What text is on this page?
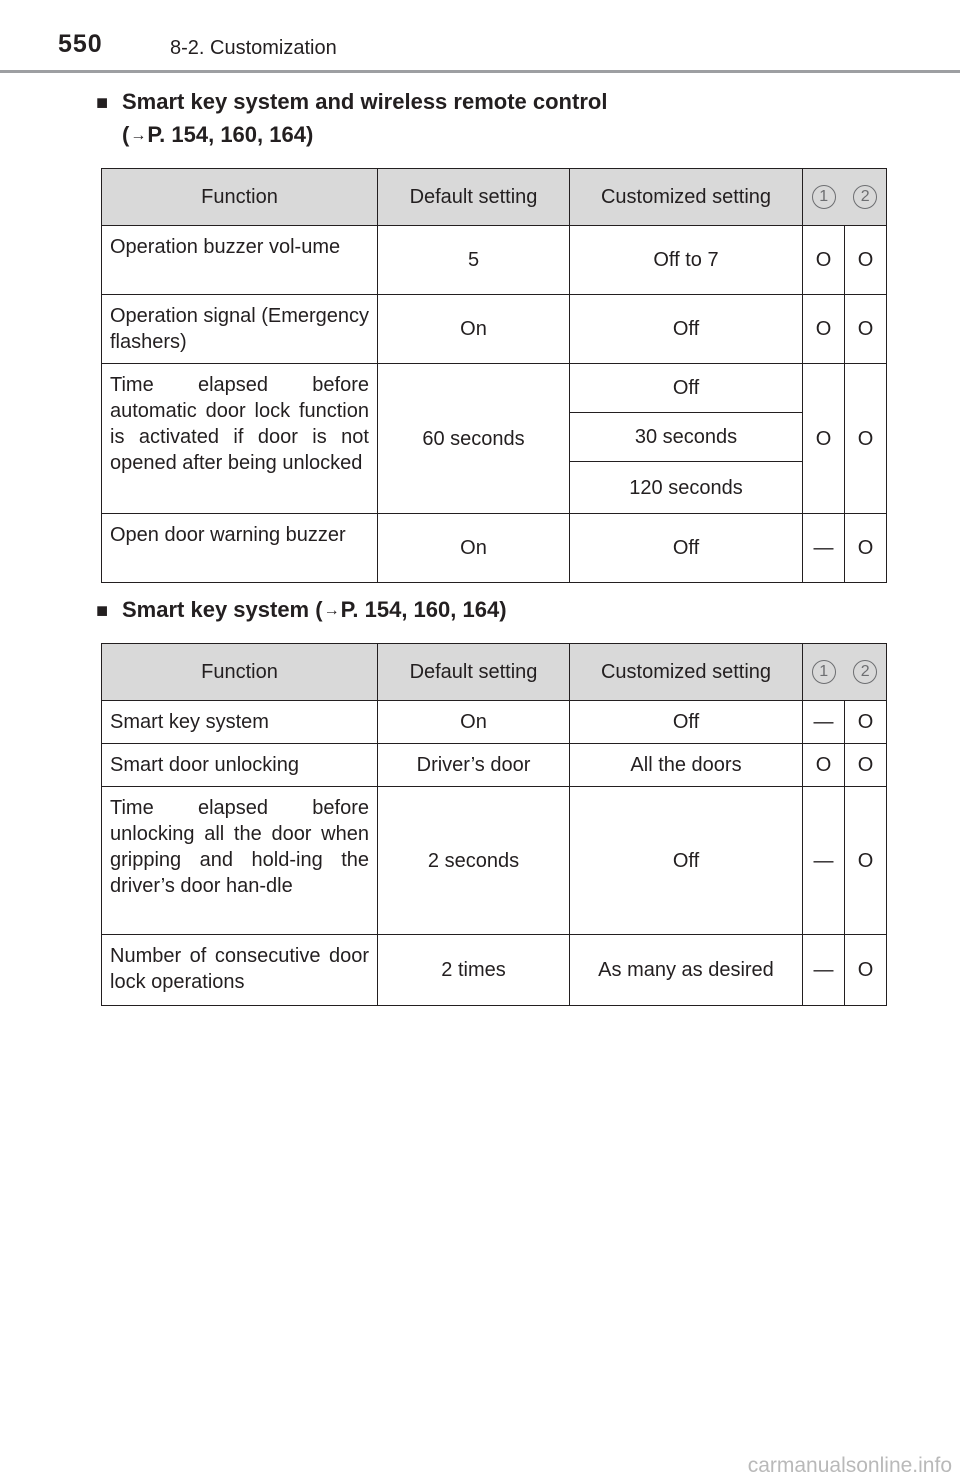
550	8-2. Customization
■ Smart key system and wireless remote control
(→P. 154, 160, 164)
Function	Default setting	Customized setting	1 2	

Operation buzzer vol-ume	5	Off to 7	O	O
Operation signal (Emergency flashers)	On	Off	O	O
Time elapsed before automatic door lock function is activated if door is not opened after being unlocked	60 seconds	Off	O	O
		30 seconds		
		120 seconds		
Open door warning buzzer	On	Off	—	O
■ Smart key system (→P. 154, 160, 164)
Function	Default setting	Customized setting	1 2	

Smart key system	On	Off	—	O
Smart door unlocking	Driver’s door	All the doors	O	O
Time elapsed before unlocking all the door when gripping and hold-ing the driver’s door han-dle	2 seconds	Off	—	O
Number of consecutive door lock operations	2 times	As many as desired	—	O
carmanualsonline.info
